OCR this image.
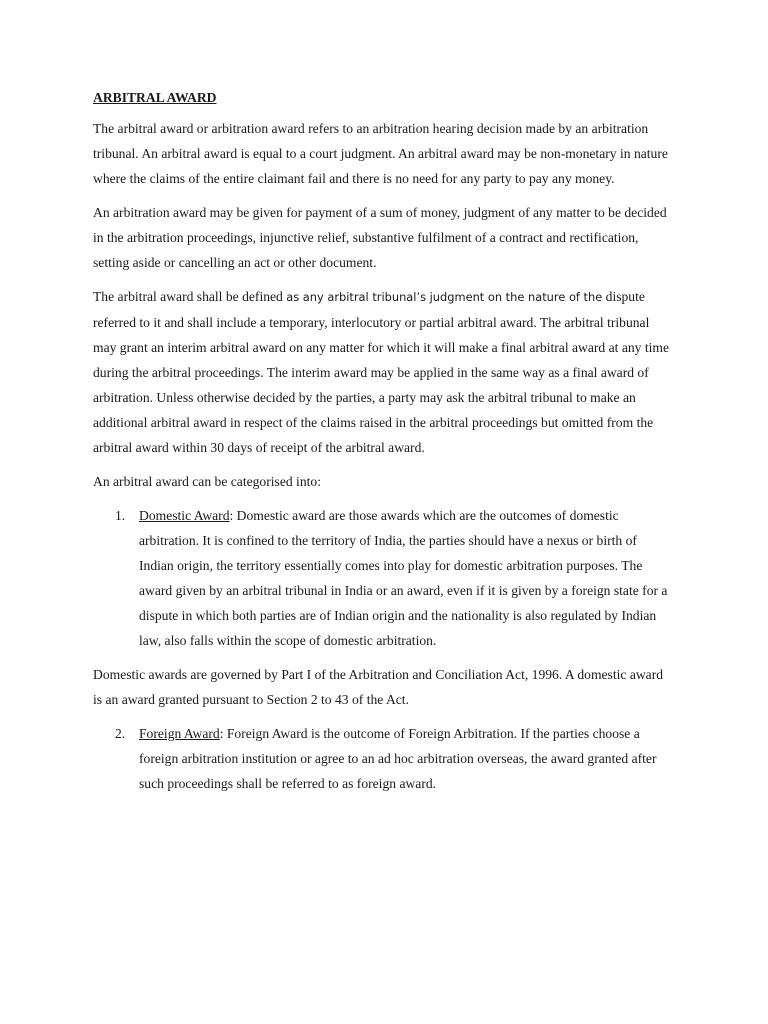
ARBITRAL AWARD

The arbitral award or arbitration award refers to an arbitration hearing decision made by an arbitration tribunal. An arbitral award is equal to a court judgment. An arbitral award may be non-monetary in nature where the claims of the entire claimant fail and there is no need for any party to pay any money.

An arbitration award may be given for payment of a sum of money, judgment of any matter to be decided in the arbitration proceedings, injunctive relief, substantive fulfilment of a contract and rectification, setting aside or cancelling an act or other document.

The arbitral award shall be defined as any arbitral tribunal’s judgment on the nature of the dispute referred to it and shall include a temporary, interlocutory or partial arbitral award. The arbitral tribunal may grant an interim arbitral award on any matter for which it will make a final arbitral award at any time during the arbitral proceedings. The interim award may be applied in the same way as a final award of arbitration. Unless otherwise decided by the parties, a party may ask the arbitral tribunal to make an additional arbitral award in respect of the claims raised in the arbitral proceedings but omitted from the arbitral award within 30 days of receipt of the arbitral award.

An arbitral award can be categorised into:

1. Domestic Award: Domestic award are those awards which are the outcomes of domestic arbitration. It is confined to the territory of India, the parties should have a nexus or birth of Indian origin, the territory essentially comes into play for domestic arbitration purposes. The award given by an arbitral tribunal in India or an award, even if it is given by a foreign state for a dispute in which both parties are of Indian origin and the nationality is also regulated by Indian law, also falls within the scope of domestic arbitration.

Domestic awards are governed by Part I of the Arbitration and Conciliation Act, 1996. A domestic award is an award granted pursuant to Section 2 to 43 of the Act.

2. Foreign Award: Foreign Award is the outcome of Foreign Arbitration. If the parties choose a foreign arbitration institution or agree to an ad hoc arbitration overseas, the award granted after such proceedings shall be referred to as foreign award.
